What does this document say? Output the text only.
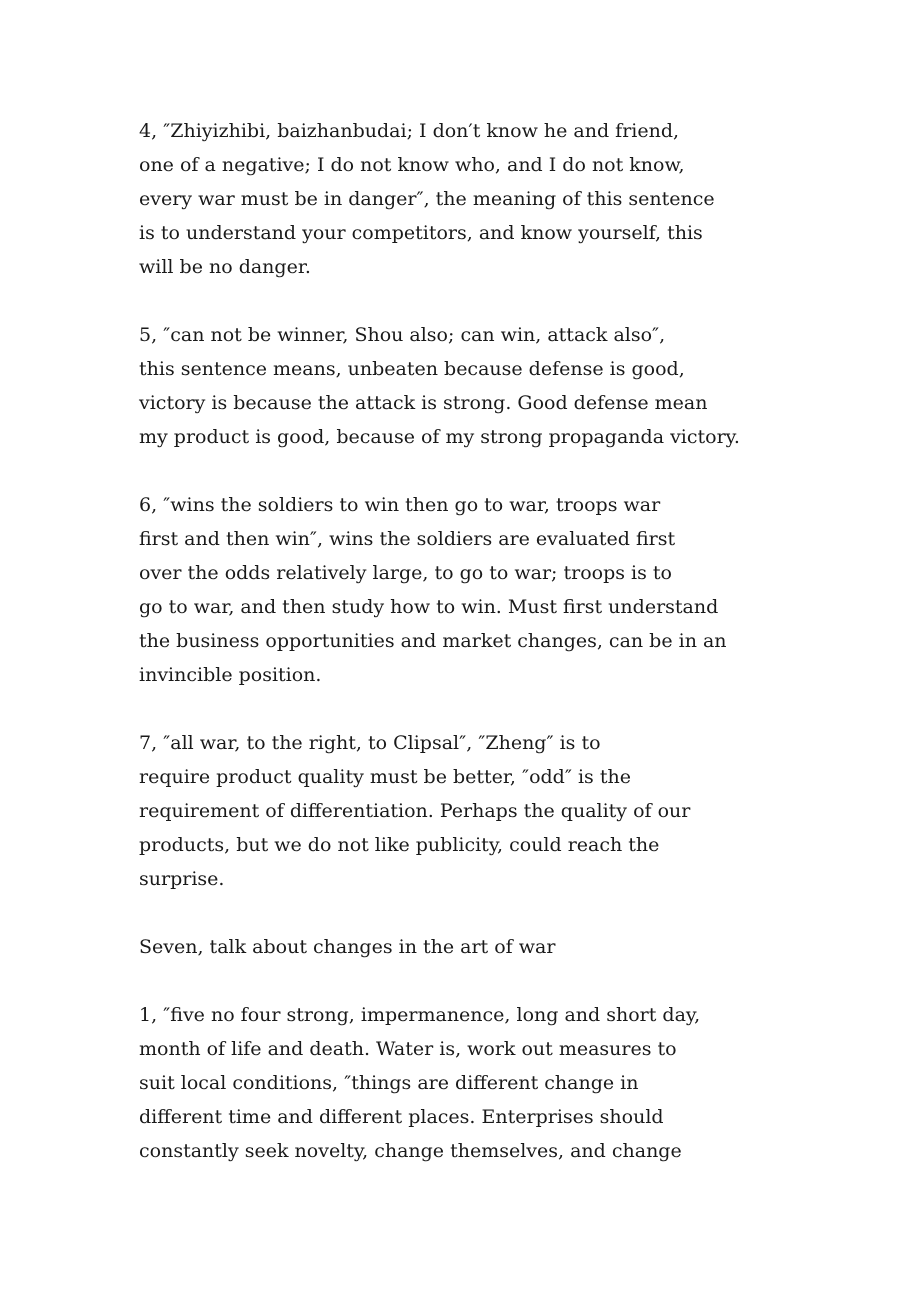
4, ″Zhiyizhibi, baizhanbudai; I don′t know he and friend,
one of a negative; I do not know who, and I do not know,
every war must be in danger″, the meaning of this sentence
is to understand your competitors, and know yourself, this
will be no danger.
5, ″can not be winner, Shou also; can win, attack also″,
this sentence means, unbeaten because defense is good,
victory is because the attack is strong. Good defense mean
my product is good, because of my strong propaganda victory.
6, ″wins the soldiers to win then go to war, troops war
first and then win″, wins the soldiers are evaluated first
over the odds relatively large, to go to war; troops is to
go to war, and then study how to win. Must first understand
the business opportunities and market changes, can be in an
invincible position.
7, ″all war, to the right, to Clipsal″, ″Zheng″ is to
require product quality must be better, ″odd″ is the
requirement of differentiation. Perhaps the quality of our
products, but we do not like publicity, could reach the
surprise.
Seven, talk about changes in the art of war
1, ″five no four strong, impermanence, long and short day,
month of life and death. Water is, work out measures to
suit local conditions, ″things are different change in
different time and different places. Enterprises should
constantly seek novelty, change themselves, and change
